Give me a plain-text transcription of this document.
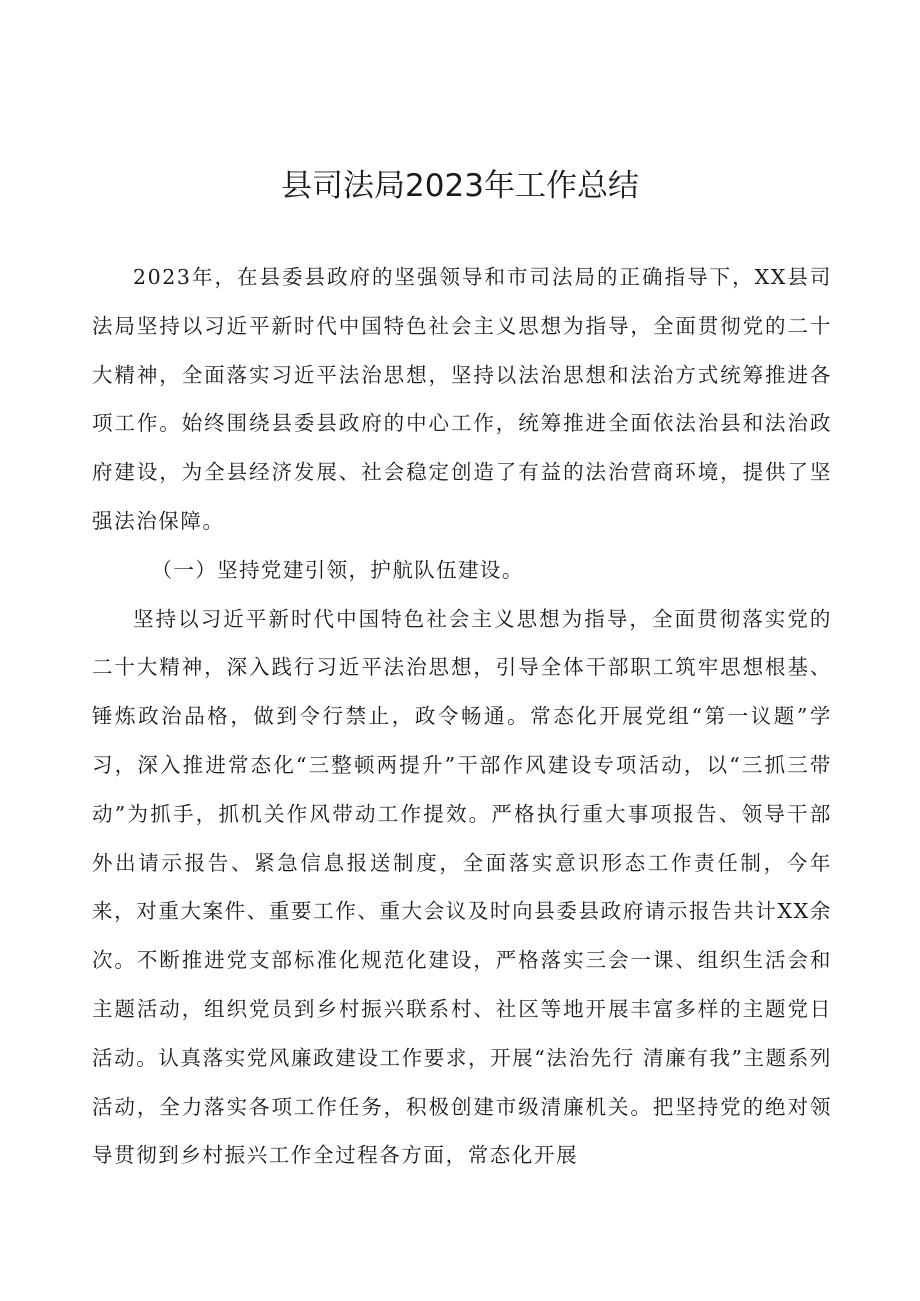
县司法局2023年工作总结

2023年，在县委县政府的坚强领导和市司法局的正确指导下，XX县司法局坚持以习近平新时代中国特色社会主义思想为指导，全面贯彻党的二十大精神，全面落实习近平法治思想，坚持以法治思想和法治方式统筹推进各项工作。始终围绕县委县政府的中心工作，统筹推进全面依法治县和法治政府建设，为全县经济发展、社会稳定创造了有益的法治营商环境，提供了坚强法治保障。

（一）坚持党建引领，护航队伍建设。

坚持以习近平新时代中国特色社会主义思想为指导，全面贯彻落实党的二十大精神，深入践行习近平法治思想，引导全体干部职工筑牢思想根基、锤炼政治品格，做到令行禁止，政令畅通。常态化开展党组“第一议题”学习，深入推进常态化“三整顿两提升”干部作风建设专项活动，以“三抓三带动”为抓手，抓机关作风带动工作提效。严格执行重大事项报告、领导干部外出请示报告、紧急信息报送制度，全面落实意识形态工作责任制，今年来，对重大案件、重要工作、重大会议及时向县委县政府请示报告共计XX余次。不断推进党支部标准化规范化建设，严格落实三会一课、组织生活会和主题活动，组织党员到乡村振兴联系村、社区等地开展丰富多样的主题党日活动。认真落实党风廉政建设工作要求，开展“法治先行 清廉有我”主题系列活动，全力落实各项工作任务，积极创建市级清廉机关。把坚持党的绝对领导贯彻到乡村振兴工作全过程各方面，常态化开展
